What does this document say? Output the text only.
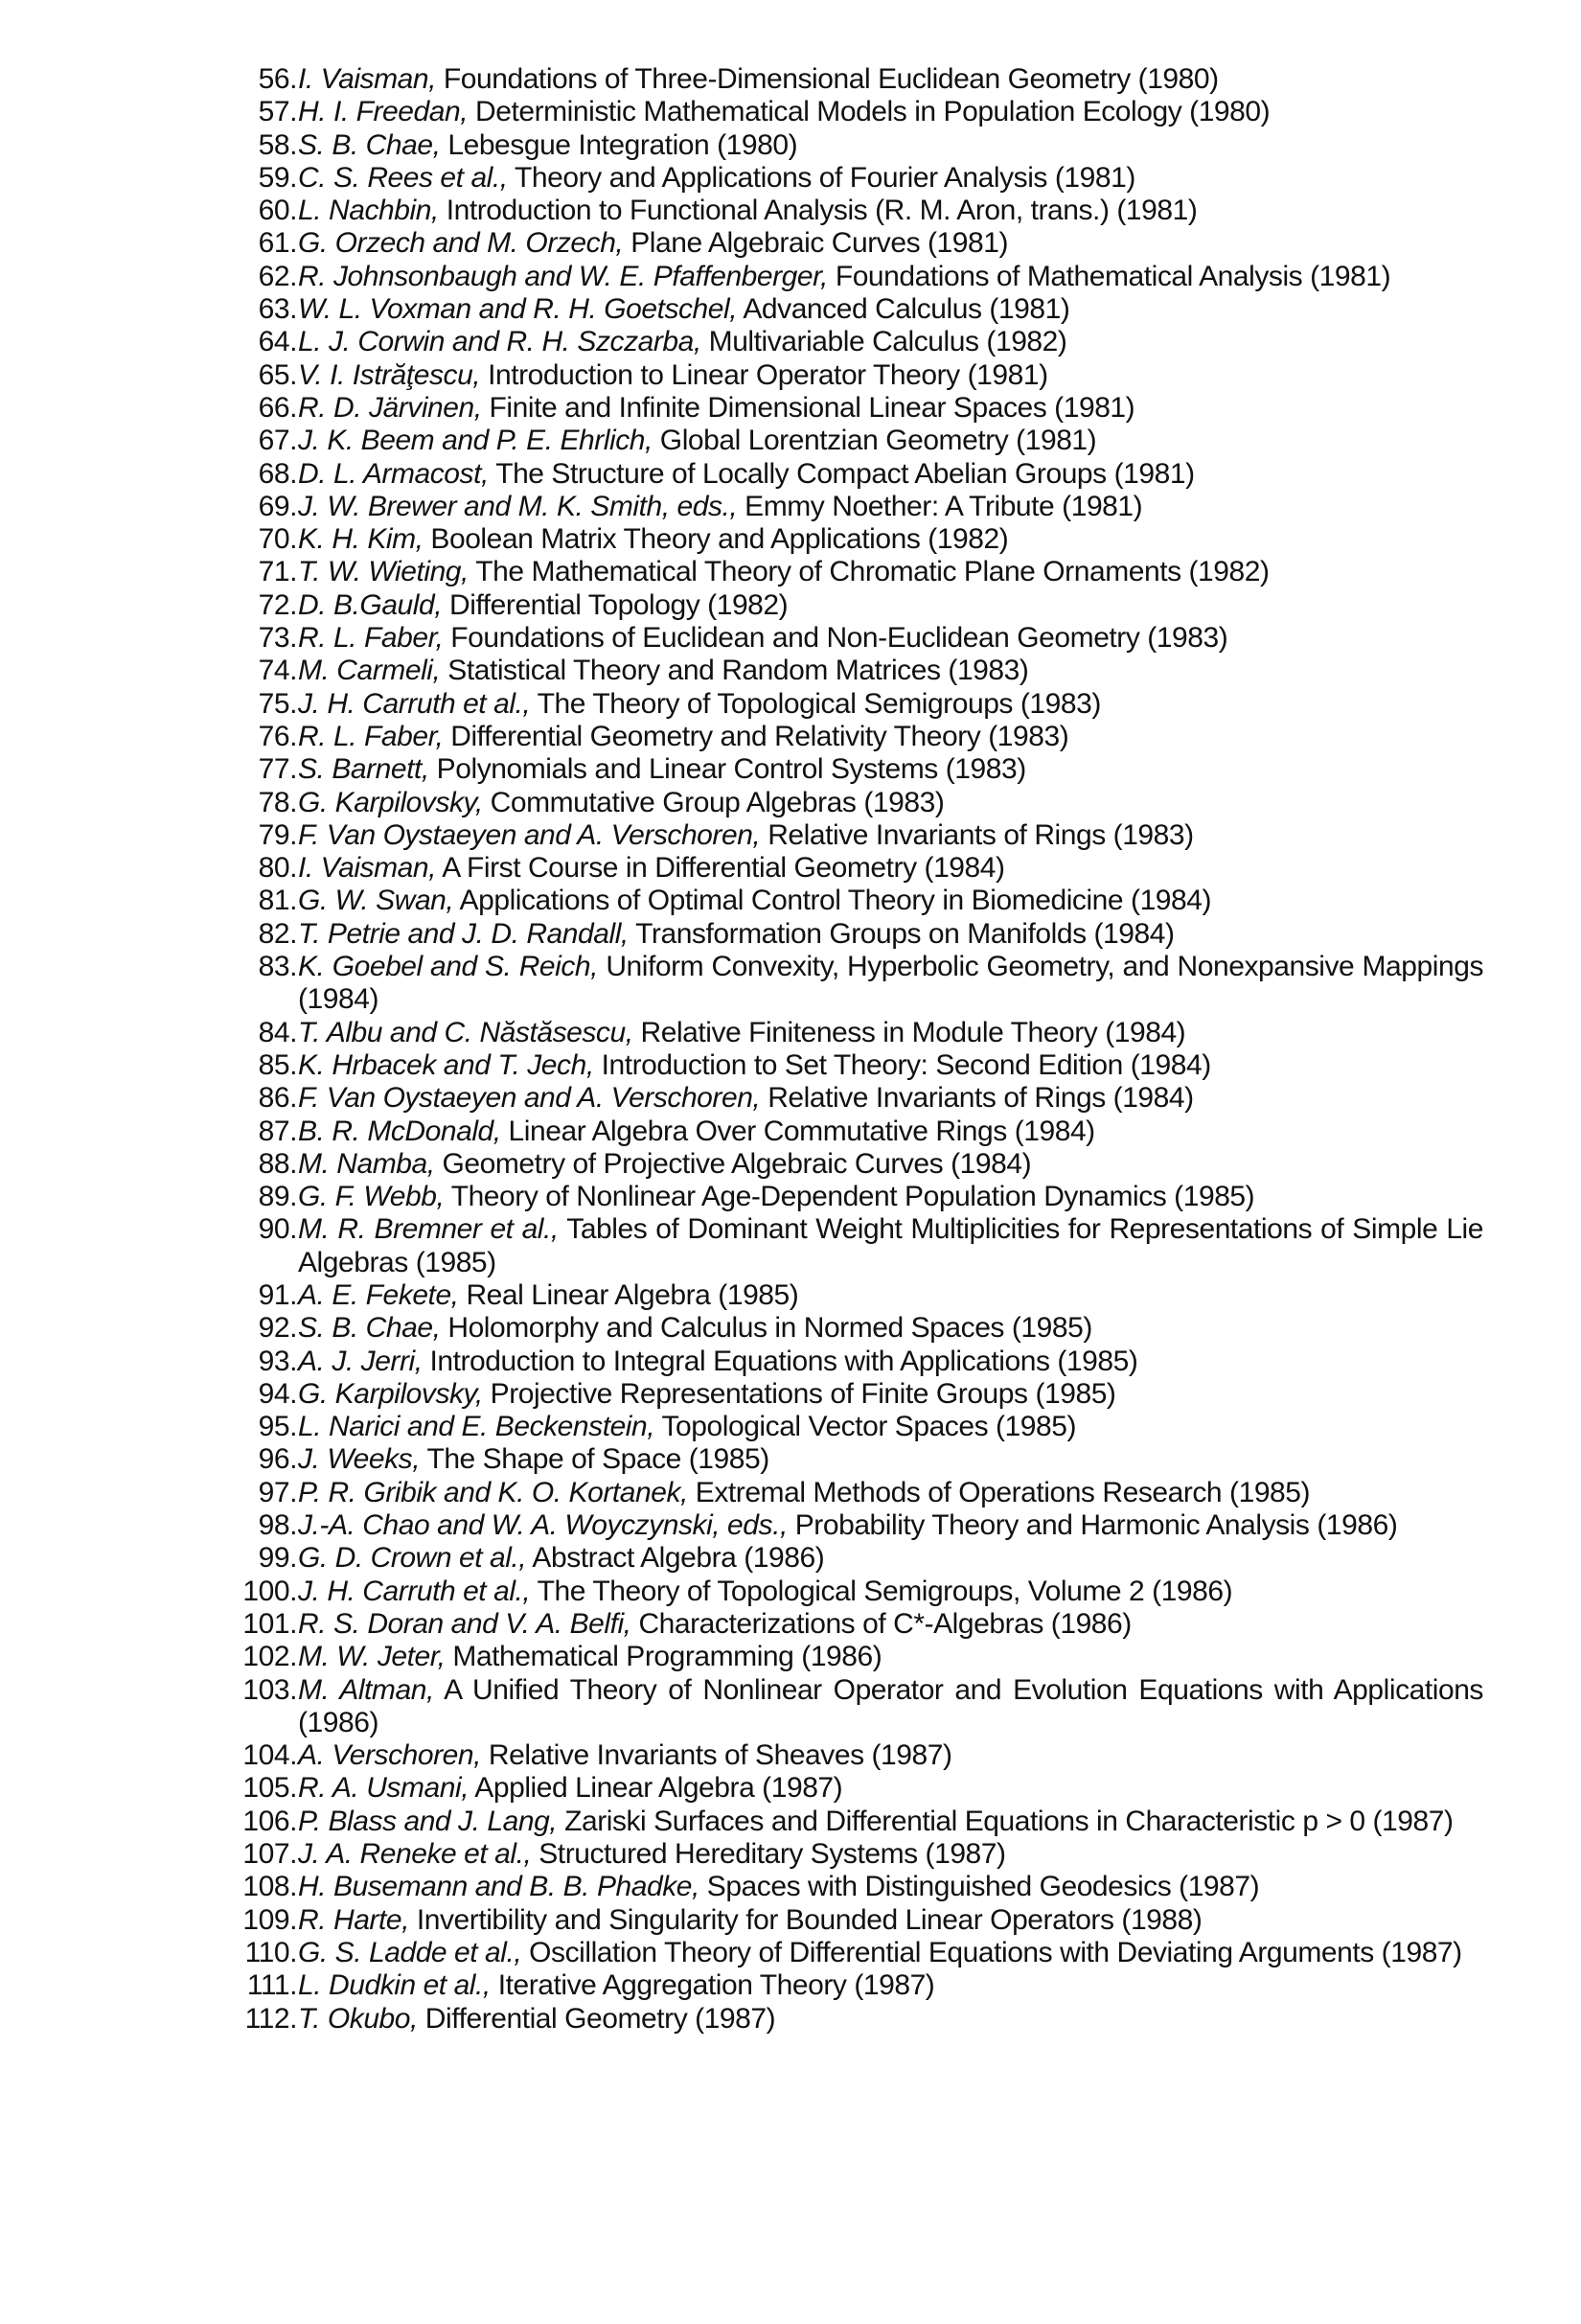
56. I. Vaisman, Foundations of Three-Dimensional Euclidean Geometry (1980)
57. H. I. Freedan, Deterministic Mathematical Models in Population Ecology (1980)
58. S. B. Chae, Lebesgue Integration (1980)
59. C. S. Rees et al., Theory and Applications of Fourier Analysis (1981)
60. L. Nachbin, Introduction to Functional Analysis (R. M. Aron, trans.) (1981)
61. G. Orzech and M. Orzech, Plane Algebraic Curves (1981)
62. R. Johnsonbaugh and W. E. Pfaffenberger, Foundations of Mathematical Analysis (1981)
63. W. L. Voxman and R. H. Goetschel, Advanced Calculus (1981)
64. L. J. Corwin and R. H. Szczarba, Multivariable Calculus (1982)
65. V. I. Istrăţescu, Introduction to Linear Operator Theory (1981)
66. R. D. Järvinen, Finite and Infinite Dimensional Linear Spaces (1981)
67. J. K. Beem and P. E. Ehrlich, Global Lorentzian Geometry (1981)
68. D. L. Armacost, The Structure of Locally Compact Abelian Groups (1981)
69. J. W. Brewer and M. K. Smith, eds., Emmy Noether: A Tribute (1981)
70. K. H. Kim, Boolean Matrix Theory and Applications (1982)
71. T. W. Wieting, The Mathematical Theory of Chromatic Plane Ornaments (1982)
72. D. B.Gauld, Differential Topology (1982)
73. R. L. Faber, Foundations of Euclidean and Non-Euclidean Geometry (1983)
74. M. Carmeli, Statistical Theory and Random Matrices (1983)
75. J. H. Carruth et al., The Theory of Topological Semigroups (1983)
76. R. L. Faber, Differential Geometry and Relativity Theory (1983)
77. S. Barnett, Polynomials and Linear Control Systems (1983)
78. G. Karpilovsky, Commutative Group Algebras (1983)
79. F. Van Oystaeyen and A. Verschoren, Relative Invariants of Rings (1983)
80. I. Vaisman, A First Course in Differential Geometry (1984)
81. G. W. Swan, Applications of Optimal Control Theory in Biomedicine (1984)
82. T. Petrie and J. D. Randall, Transformation Groups on Manifolds (1984)
83. K. Goebel and S. Reich, Uniform Convexity, Hyperbolic Geometry, and Nonexpansive Mappings (1984)
84. T. Albu and C. Năstăsescu, Relative Finiteness in Module Theory (1984)
85. K. Hrbacek and T. Jech, Introduction to Set Theory: Second Edition (1984)
86. F. Van Oystaeyen and A. Verschoren, Relative Invariants of Rings (1984)
87. B. R. McDonald, Linear Algebra Over Commutative Rings (1984)
88. M. Namba, Geometry of Projective Algebraic Curves (1984)
89. G. F. Webb, Theory of Nonlinear Age-Dependent Population Dynamics (1985)
90. M. R. Bremner et al., Tables of Dominant Weight Multiplicities for Representations of Simple Lie Algebras (1985)
91. A. E. Fekete, Real Linear Algebra (1985)
92. S. B. Chae, Holomorphy and Calculus in Normed Spaces (1985)
93. A. J. Jerri, Introduction to Integral Equations with Applications (1985)
94. G. Karpilovsky, Projective Representations of Finite Groups (1985)
95. L. Narici and E. Beckenstein, Topological Vector Spaces (1985)
96. J. Weeks, The Shape of Space (1985)
97. P. R. Gribik and K. O. Kortanek, Extremal Methods of Operations Research (1985)
98. J.-A. Chao and W. A. Woyczynski, eds., Probability Theory and Harmonic Analysis (1986)
99. G. D. Crown et al., Abstract Algebra (1986)
100. J. H. Carruth et al., The Theory of Topological Semigroups, Volume 2 (1986)
101. R. S. Doran and V. A. Belfi, Characterizations of C*-Algebras (1986)
102. M. W. Jeter, Mathematical Programming (1986)
103. M. Altman, A Unified Theory of Nonlinear Operator and Evolution Equations with Applications (1986)
104. A. Verschoren, Relative Invariants of Sheaves (1987)
105. R. A. Usmani, Applied Linear Algebra (1987)
106. P. Blass and J. Lang, Zariski Surfaces and Differential Equations in Characteristic p > 0 (1987)
107. J. A. Reneke et al., Structured Hereditary Systems (1987)
108. H. Busemann and B. B. Phadke, Spaces with Distinguished Geodesics (1987)
109. R. Harte, Invertibility and Singularity for Bounded Linear Operators (1988)
110. G. S. Ladde et al., Oscillation Theory of Differential Equations with Deviating Arguments (1987)
111. L. Dudkin et al., Iterative Aggregation Theory (1987)
112. T. Okubo, Differential Geometry (1987)
